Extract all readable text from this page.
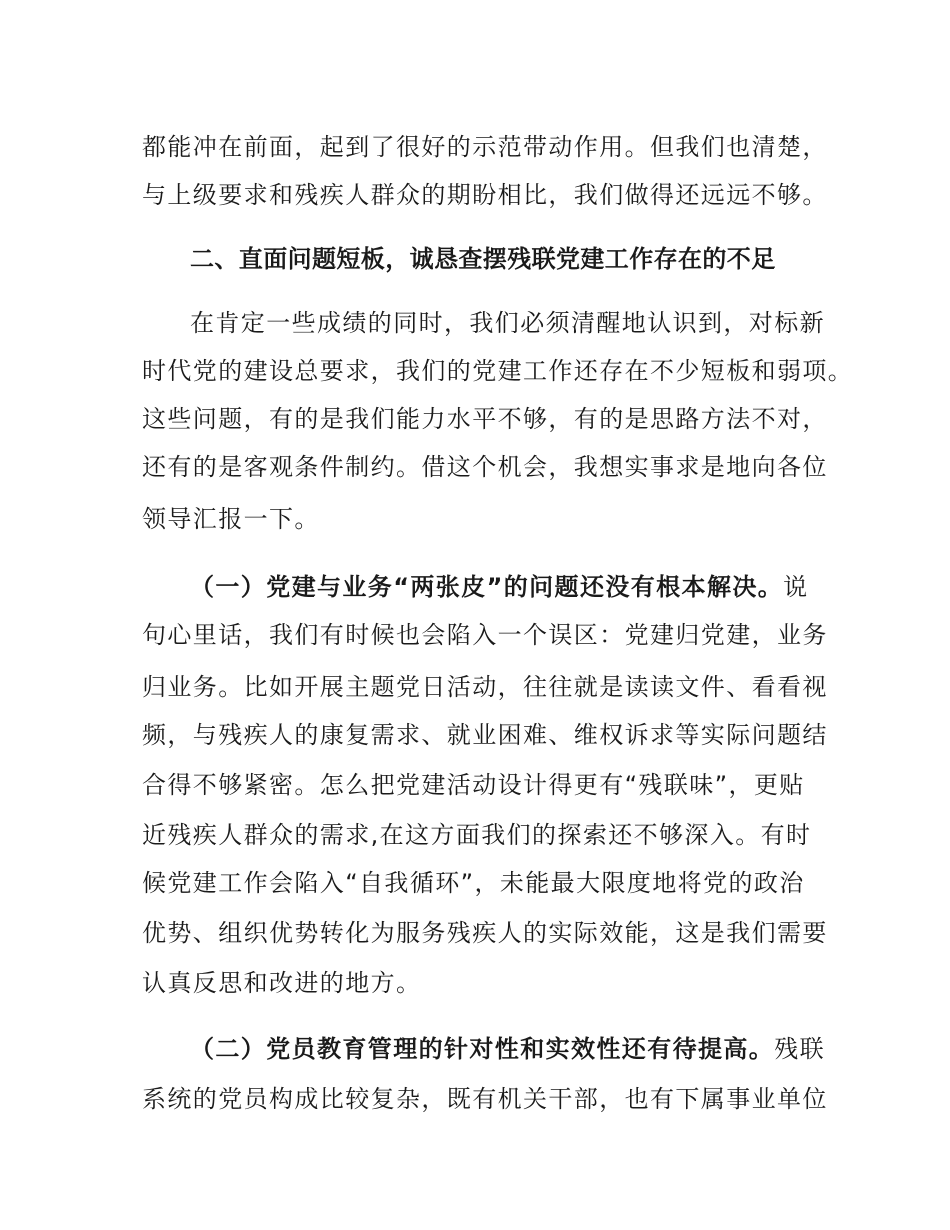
都能冲在前面，起到了很好的示范带动作用。但我们也清楚，
与上级要求和残疾人群众的期盼相比，我们做得还远远不够。
二、直面问题短板，诚恳查摆残联党建工作存在的不足
在肯定一些成绩的同时，我们必须清醒地认识到，对标新
时代党的建设总要求，我们的党建工作还存在不少短板和弱项。
这些问题，有的是我们能力水平不够，有的是思路方法不对，
还有的是客观条件制约。借这个机会，我想实事求是地向各位
领导汇报一下。
（一）党建与业务“两张皮”的问题还没有根本解决。说
句心里话，我们有时候也会陷入一个误区：党建归党建，业务
归业务。比如开展主题党日活动，往往就是读读文件、看看视
频，与残疾人的康复需求、就业困难、维权诉求等实际问题结
合得不够紧密。怎么把党建活动设计得更有“残联味”，更贴
近残疾人群众的需求,在这方面我们的探索还不够深入。有时
候党建工作会陷入“自我循环”，未能最大限度地将党的政治
优势、组织优势转化为服务残疾人的实际效能，这是我们需要
认真反思和改进的地方。
（二）党员教育管理的针对性和实效性还有待提高。残联
系统的党员构成比较复杂，既有机关干部，也有下属事业单位
